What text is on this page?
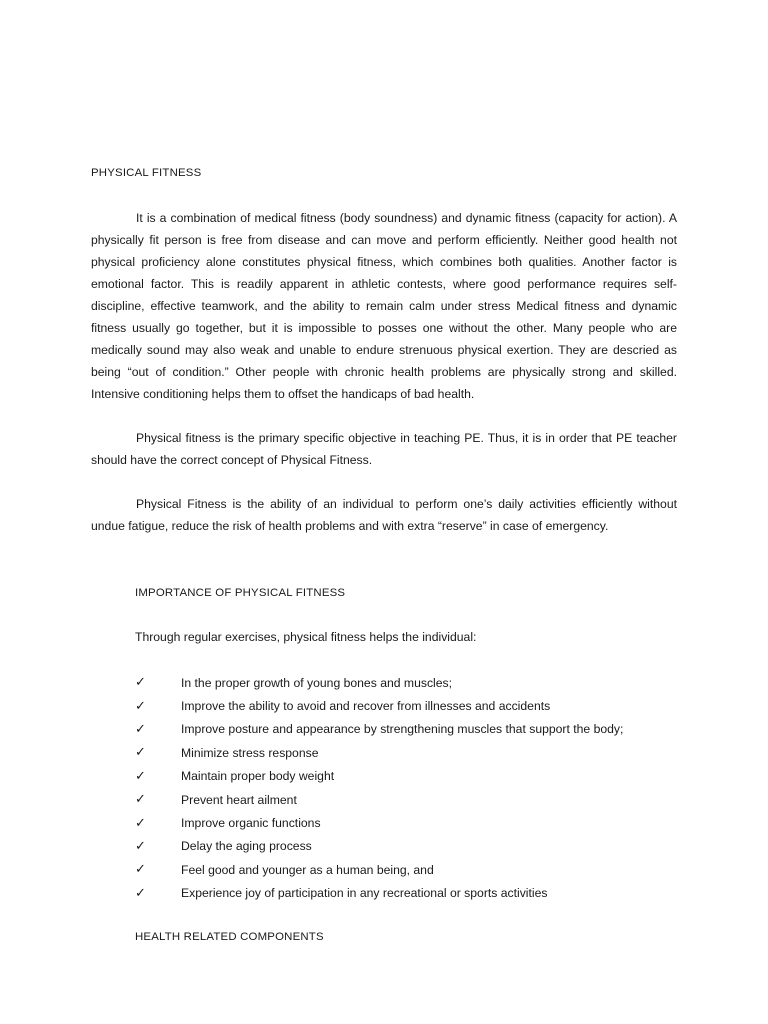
PHYSICAL FITNESS

It is a combination of medical fitness (body soundness) and dynamic fitness (capacity for action). A physically fit person is free from disease and can move and perform efficiently. Neither good health not physical proficiency alone constitutes physical fitness, which combines both qualities. Another factor is emotional factor. This is readily apparent in athletic contests, where good performance requires self-discipline, effective teamwork, and the ability to remain calm under stress Medical fitness and dynamic fitness usually go together, but it is impossible to posses one without the other. Many people who are medically sound may also weak and unable to endure strenuous physical exertion. They are descried as being “out of condition.” Other people with chronic health problems are physically strong and skilled. Intensive conditioning helps them to offset the handicaps of bad health.

Physical fitness is the primary specific objective in teaching PE. Thus, it is in order that PE teacher should have the correct concept of Physical Fitness.

Physical Fitness is the ability of an individual to perform one’s daily activities efficiently without undue fatigue, reduce the risk of health problems and with extra “reserve” in case of emergency.

IMPORTANCE OF PHYSICAL FITNESS
Through regular exercises, physical fitness helps the individual:
✓	In the proper growth of young bones and muscles;
✓	Improve the ability to avoid and recover from illnesses and accidents
✓	Improve posture and appearance by strengthening muscles that support the body;
✓	Minimize stress response
✓	Maintain proper body weight
✓	Prevent heart ailment
✓	Improve organic functions
✓	Delay the aging process
✓	Feel good and younger as a human being, and
✓	Experience joy of participation in any recreational or sports activities
HEALTH RELATED COMPONENTS
